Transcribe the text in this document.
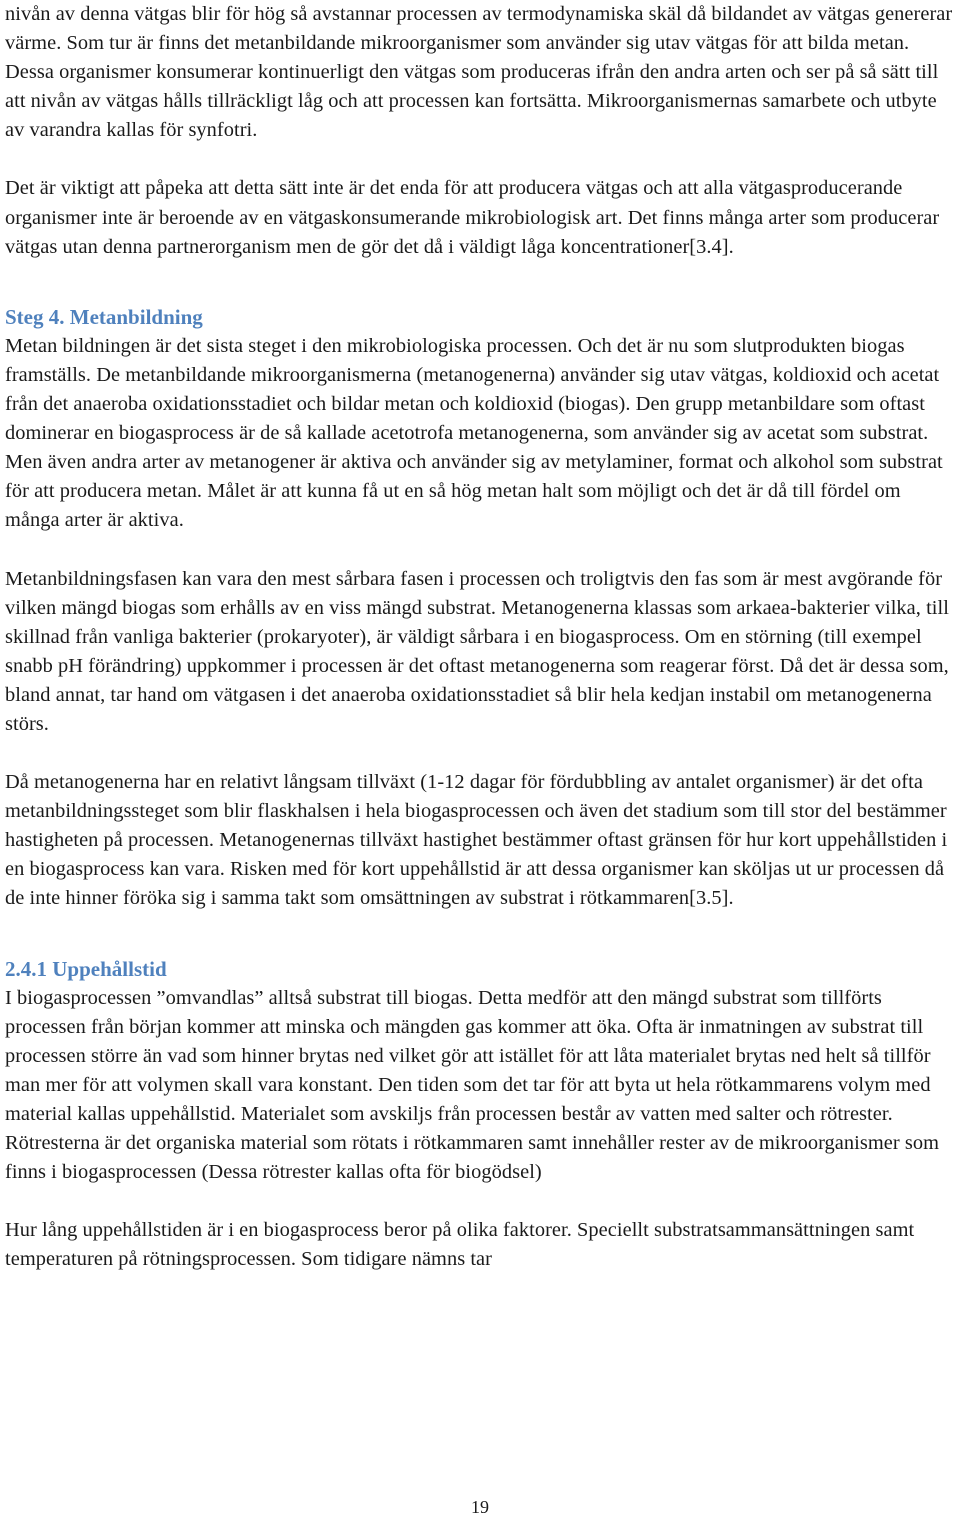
nivån av denna vätgas blir för hög så avstannar processen av termodynamiska skäl då bildandet av vätgas genererar värme. Som tur är finns det metanbildande mikroorganismer som använder sig utav vätgas för att bilda metan. Dessa organismer konsumerar kontinuerligt den vätgas som produceras ifrån den andra arten och ser på så sätt till att nivån av vätgas hålls tillräckligt låg och att processen kan fortsätta. Mikroorganismernas samarbete och utbyte av varandra kallas för synfotri.

Det är viktigt att påpeka att detta sätt inte är det enda för att producera vätgas och att alla vätgasproducerande organismer inte är beroende av en vätgaskonsumerande mikrobiologisk art. Det finns många arter som producerar vätgas utan denna partnerorganism men de gör det då i väldigt låga koncentrationer[3.4].

Steg 4. Metanbildning

Metan bildningen är det sista steget i den mikrobiologiska processen. Och det är nu som slutprodukten biogas framställs. De metanbildande mikroorganismerna (metanogenerna) använder sig utav vätgas, koldioxid och acetat från det anaeroba oxidationsstadiet och bildar metan och koldioxid (biogas). Den grupp metanbildare som oftast dominerar en biogasprocess är de så kallade acetotrofa metanogenerna, som använder sig av acetat som substrat. Men även andra arter av metanogener är aktiva och använder sig av metylaminer, format och alkohol som substrat för att producera metan. Målet är att kunna få ut en så hög metan halt som möjligt och det är då till fördel om många arter är aktiva.

Metanbildningsfasen kan vara den mest sårbara fasen i processen och troligtvis den fas som är mest avgörande för vilken mängd biogas som erhålls av en viss mängd substrat. Metanogenerna klassas som arkaea-bakterier vilka, till skillnad från vanliga bakterier (prokaryoter), är väldigt sårbara i en biogasprocess. Om en störning (till exempel snabb pH förändring) uppkommer i processen är det oftast metanogenerna som reagerar först. Då det är dessa som, bland annat, tar hand om vätgasen i det anaeroba oxidationsstadiet så blir hela kedjan instabil om metanogenerna störs.

Då metanogenerna har en relativt långsam tillväxt (1-12 dagar för fördubbling av antalet organismer) är det ofta metanbildningssteget som blir flaskhalsen i hela biogasprocessen och även det stadium som till stor del bestämmer hastigheten på processen. Metanogenernas tillväxt hastighet bestämmer oftast gränsen för hur kort uppehållstiden i en biogasprocess kan vara. Risken med för kort uppehållstid är att dessa organismer kan sköljas ut ur processen då de inte hinner föröka sig i samma takt som omsättningen av substrat i rötkammaren[3.5].

2.4.1 Uppehållstid

I biogasprocessen ”omvandlas” alltså substrat till biogas. Detta medför att den mängd substrat som tillförts processen från början kommer att minska och mängden gas kommer att öka. Ofta är inmatningen av substrat till processen större än vad som hinner brytas ned vilket gör att istället för att låta materialet brytas ned helt så tillför man mer för att volymen skall vara konstant. Den tiden som det tar för att byta ut hela rötkammarens volym med material kallas uppehållstid. Materialet som avskiljs från processen består av vatten med salter och rötrester. Rötresterna är det organiska material som rötats i rötkammaren samt innehåller rester av de mikroorganismer som finns i biogasprocessen (Dessa rötrester kallas ofta för biogödsel)

Hur lång uppehållstiden är i en biogasprocess beror på olika faktorer. Speciellt substratsammansättningen samt temperaturen på rötningsprocessen. Som tidigare nämns tar

19
